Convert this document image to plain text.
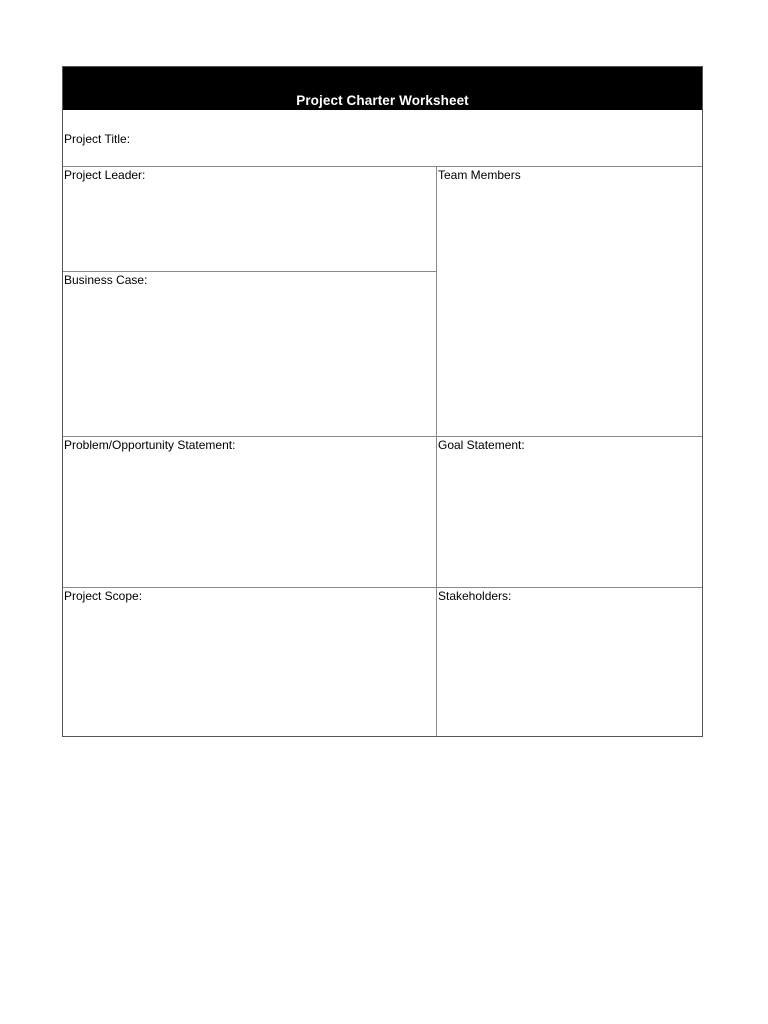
Project Charter Worksheet
Project Title:
Project Leader:	Team Members
Business Case:
Problem/Opportunity Statement:	Goal Statement:
Project Scope:	Stakeholders:
